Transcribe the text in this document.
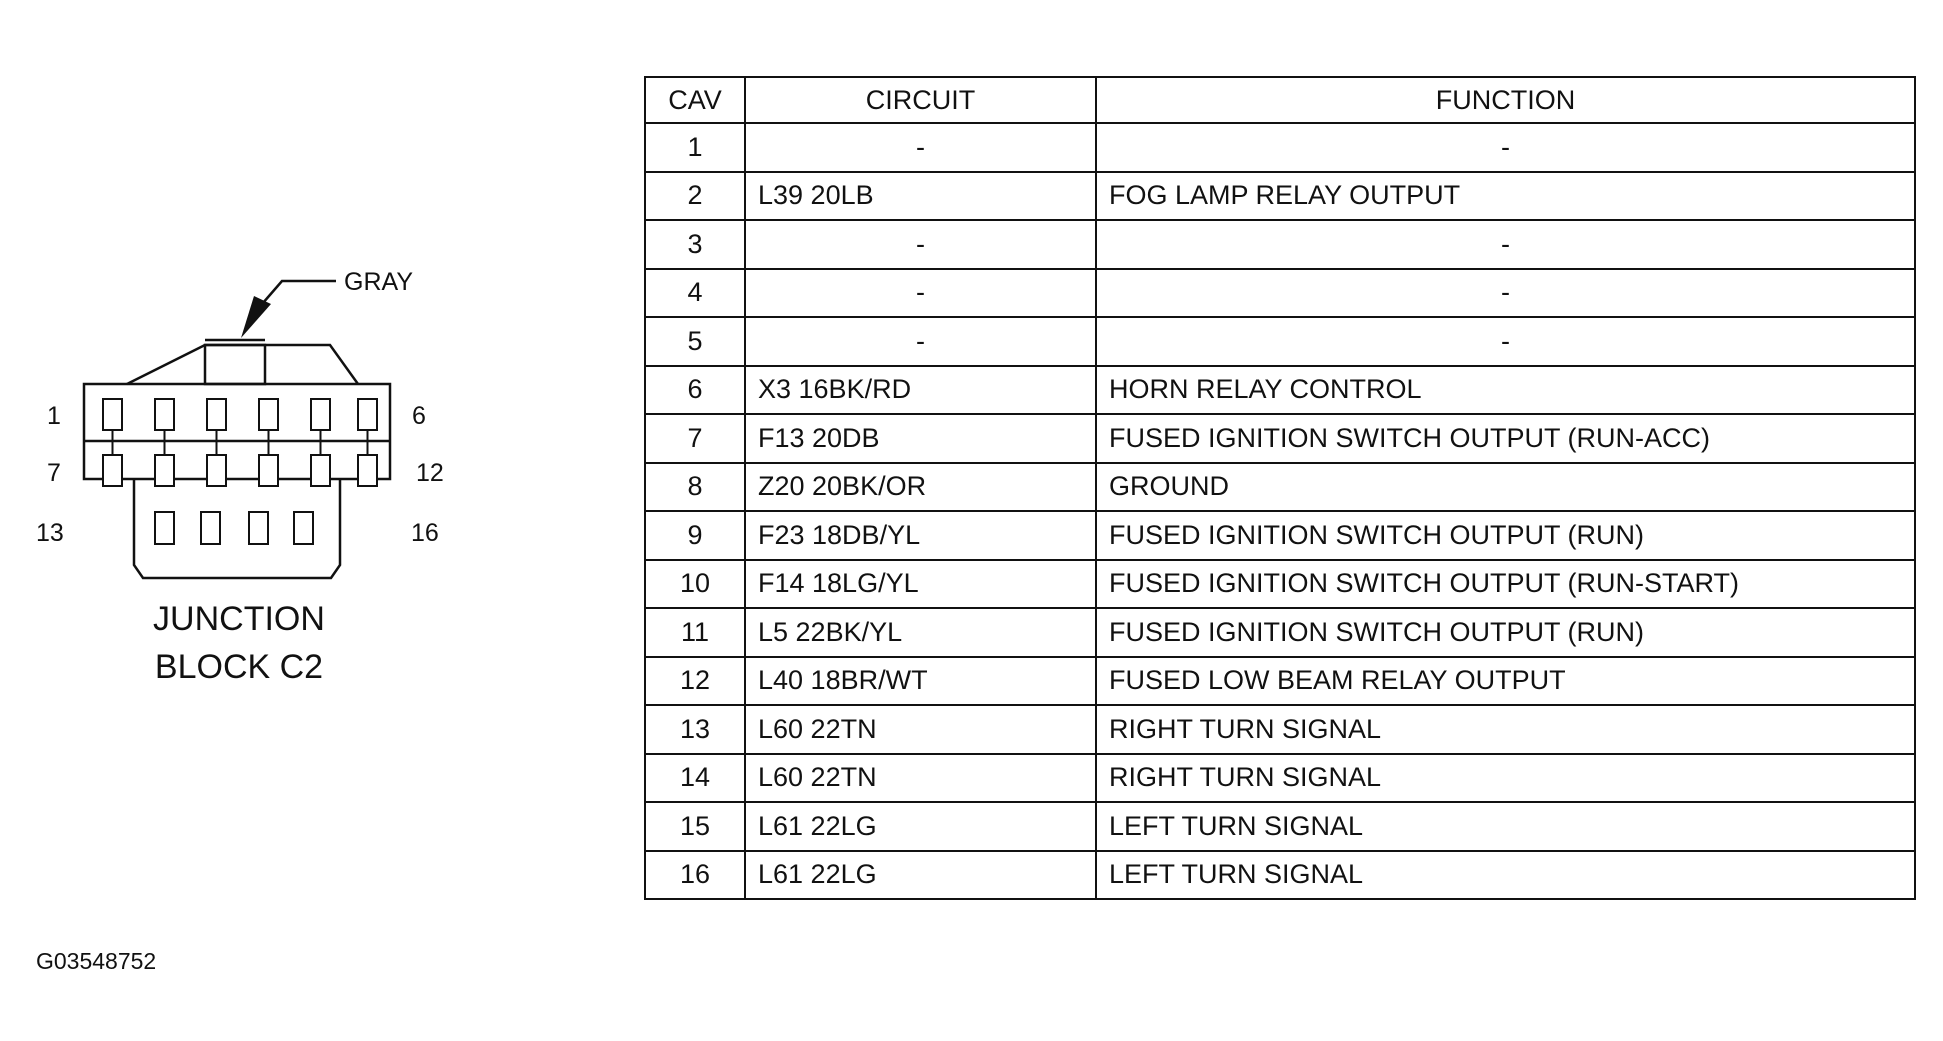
GRAY
1	6
7	12
13	16
JUNCTION
BLOCK C2
CAV	CIRCUIT	FUNCTION
1	-	-
2	L39 20LB	FOG LAMP RELAY OUTPUT
3	-	-
4	-	-
5	-	-
6	X3 16BK/RD	HORN RELAY CONTROL
7	F13 20DB	FUSED IGNITION SWITCH OUTPUT (RUN-ACC)
8	Z20 20BK/OR	GROUND
9	F23 18DB/YL	FUSED IGNITION SWITCH OUTPUT (RUN)
10	F14 18LG/YL	FUSED IGNITION SWITCH OUTPUT (RUN-START)
11	L5 22BK/YL	FUSED IGNITION SWITCH OUTPUT (RUN)
12	L40 18BR/WT	FUSED LOW BEAM RELAY OUTPUT
13	L60 22TN	RIGHT TURN SIGNAL
14	L60 22TN	RIGHT TURN SIGNAL
15	L61 22LG	LEFT TURN SIGNAL
16	L61 22LG	LEFT TURN SIGNAL
G03548752
